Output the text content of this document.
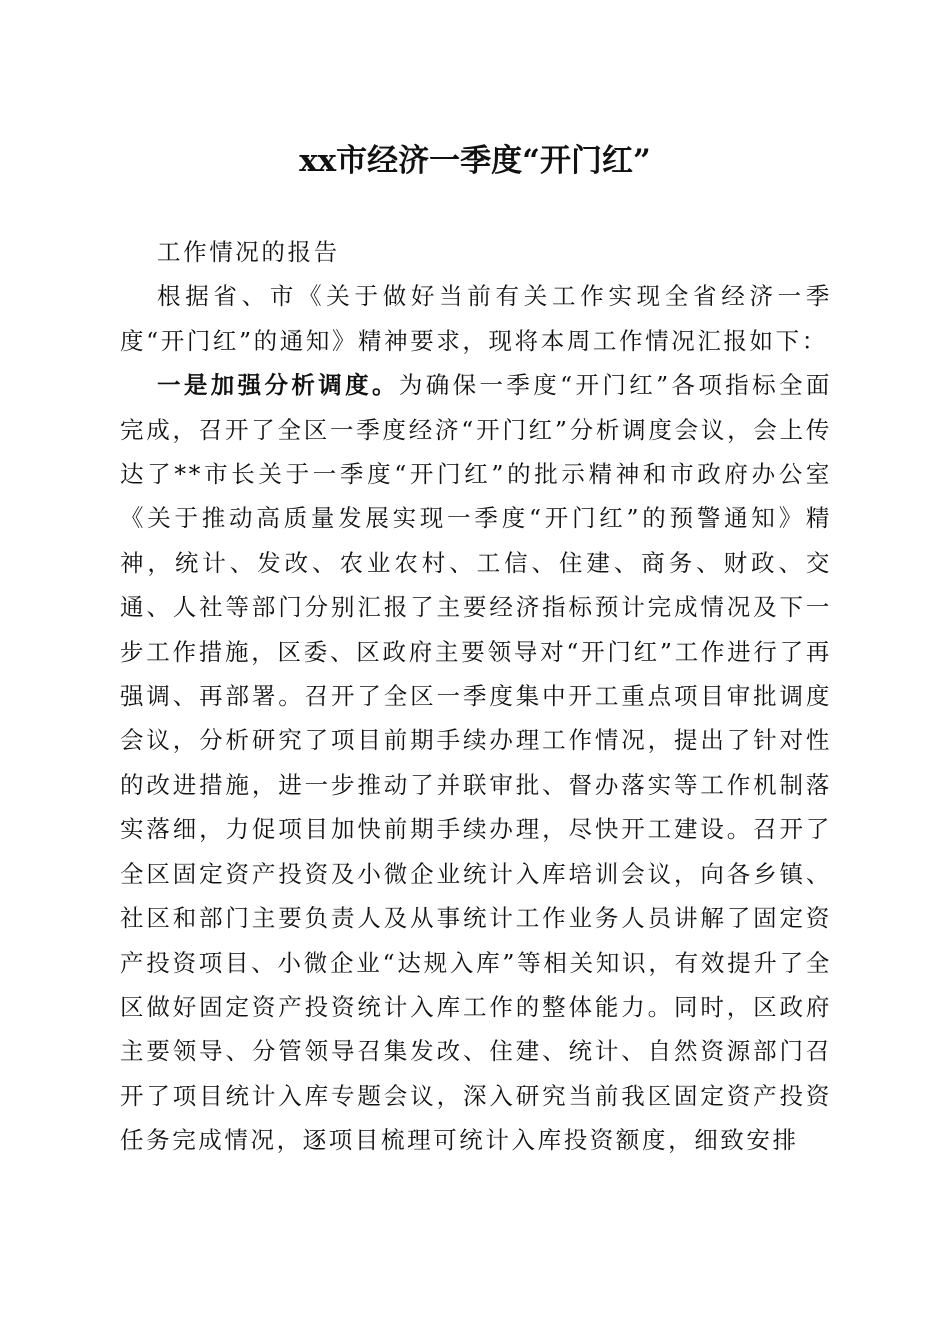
xx市经济一季度“开门红”

工作情况的报告

根据省、市《关于做好当前有关工作实现全省经济一季度“开门红”的通知》精神要求，现将本周工作情况汇报如下：

一是加强分析调度。为确保一季度“开门红”各项指标全面完成，召开了全区一季度经济“开门红”分析调度会议，会上传达了**市长关于一季度“开门红”的批示精神和市政府办公室《关于推动高质量发展实现一季度“开门红”的预警通知》精神，统计、发改、农业农村、工信、住建、商务、财政、交通、人社等部门分别汇报了主要经济指标预计完成情况及下一步工作措施，区委、区政府主要领导对“开门红”工作进行了再强调、再部署。召开了全区一季度集中开工重点项目审批调度会议，分析研究了项目前期手续办理工作情况，提出了针对性的改进措施，进一步推动了并联审批、督办落实等工作机制落实落细，力促项目加快前期手续办理，尽快开工建设。召开了全区固定资产投资及小微企业统计入库培训会议，向各乡镇、社区和部门主要负责人及从事统计工作业务人员讲解了固定资产投资项目、小微企业“达规入库”等相关知识，有效提升了全区做好固定资产投资统计入库工作的整体能力。同时，区政府主要领导、分管领导召集发改、住建、统计、自然资源部门召开了项目统计入库专题会议，深入研究当前我区固定资产投资任务完成情况，逐项目梳理可统计入库投资额度，细致安排
